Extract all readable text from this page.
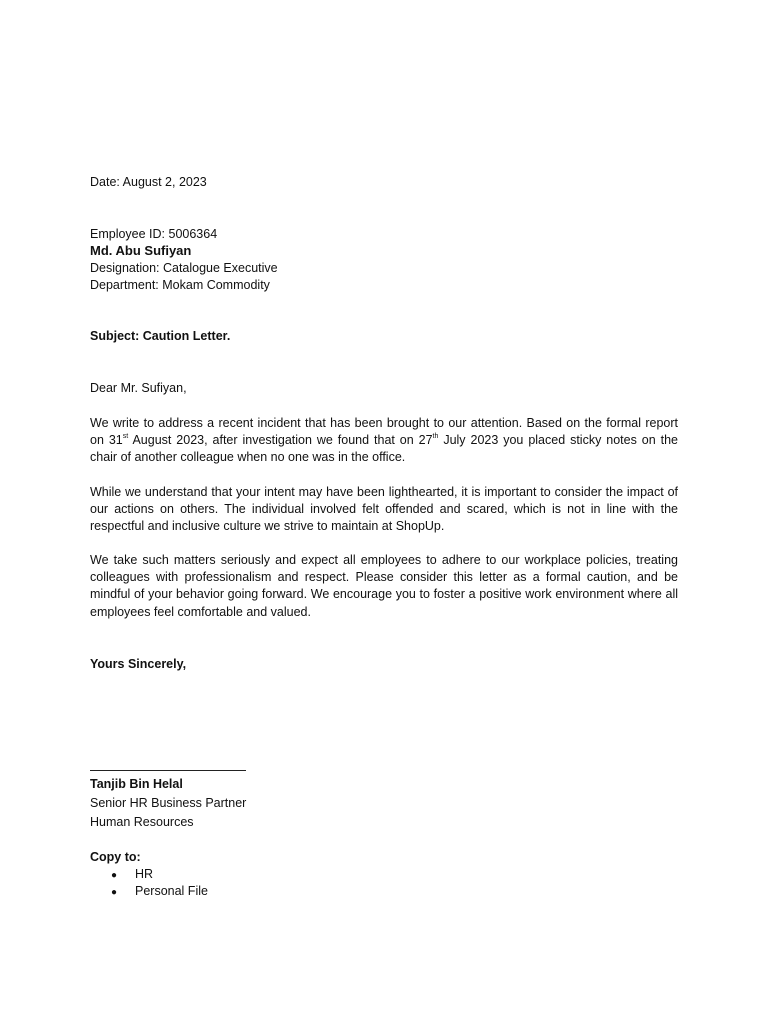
Date: August 2, 2023
Employee ID: 5006364
Md. Abu Sufiyan
Designation: Catalogue Executive
Department: Mokam Commodity
Subject: Caution Letter.
Dear Mr. Sufiyan,
We write to address a recent incident that has been brought to our attention. Based on the formal report on 31st August 2023, after investigation we found that on 27th July 2023 you placed sticky notes on the chair of another colleague when no one was in the office.
While we understand that your intent may have been lighthearted, it is important to consider the impact of our actions on others. The individual involved felt offended and scared, which is not in line with the respectful and inclusive culture we strive to maintain at ShopUp.
We take such matters seriously and expect all employees to adhere to our workplace policies, treating colleagues with professionalism and respect. Please consider this letter as a formal caution, and be mindful of your behavior going forward. We encourage you to foster a positive work environment where all employees feel comfortable and valued.
Yours Sincerely,
Tanjib Bin Helal
Senior HR Business Partner
Human Resources
Copy to:
● HR
● Personal File
